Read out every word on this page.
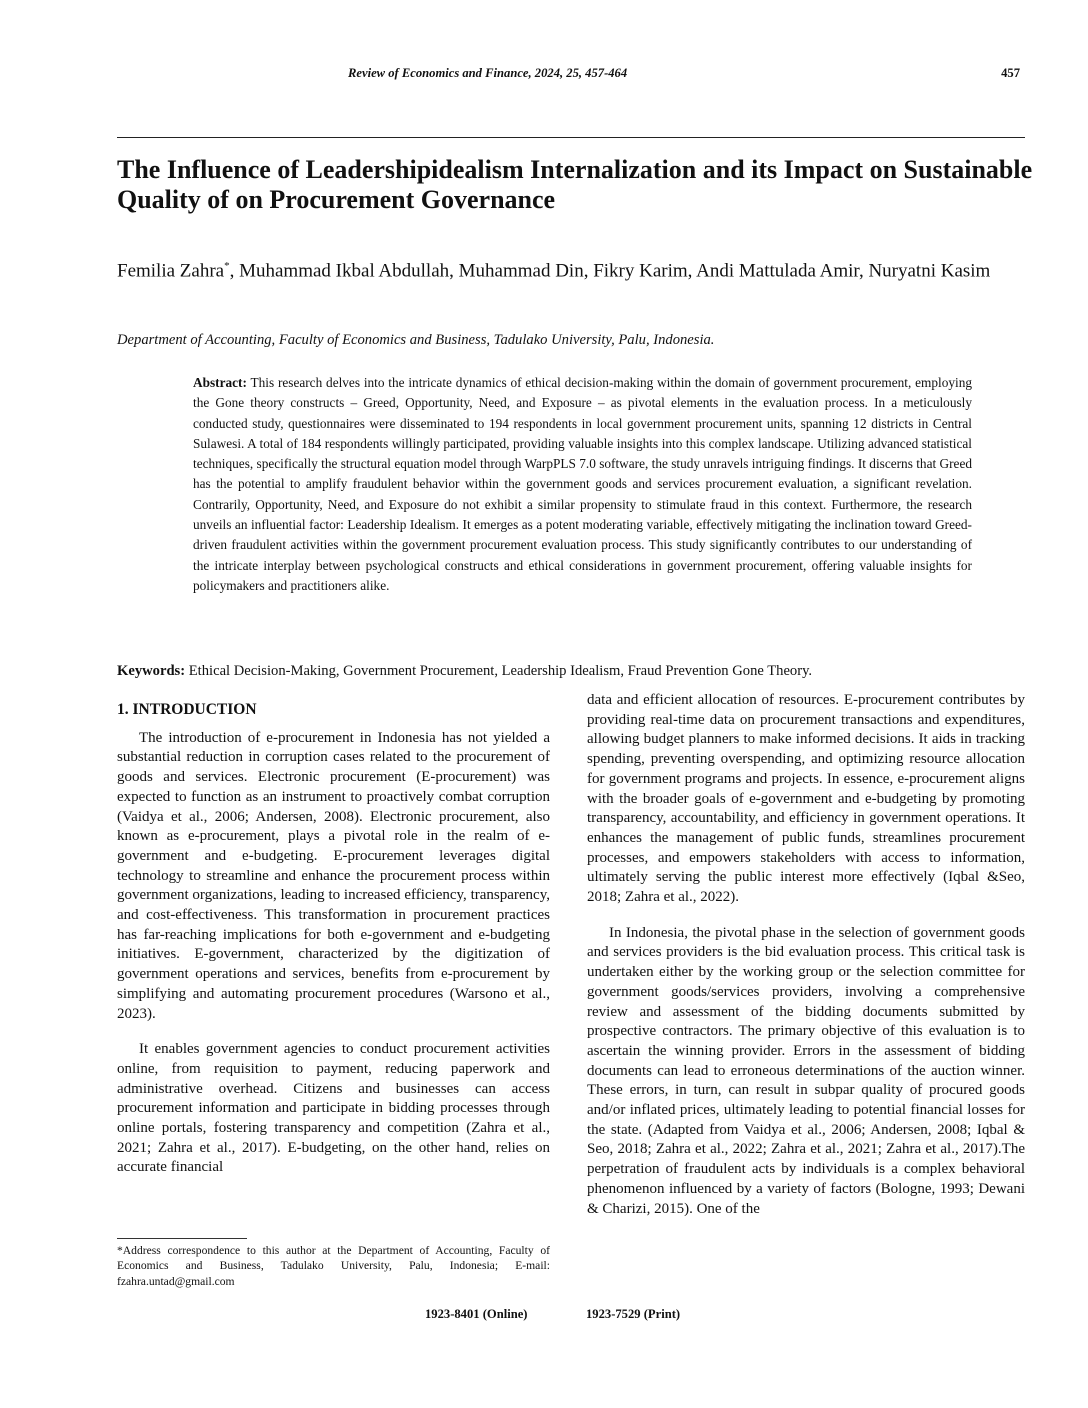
Review of Economics and Finance, 2024, 25, 457-464	457
The Influence of Leadershipidealism Internalization and its Impact on Sustainable Quality of on Procurement Governance
Femilia Zahra*, Muhammad Ikbal Abdullah, Muhammad Din, Fikry Karim, Andi Mattulada Amir, Nuryatni Kasim
Department of Accounting, Faculty of Economics and Business, Tadulako University, Palu, Indonesia.

Abstract: This research delves into the intricate dynamics of ethical decision-making within the domain of government procurement, employing the Gone theory constructs – Greed, Opportunity, Need, and Exposure – as pivotal elements in the evaluation process. In a meticulously conducted study, questionnaires were disseminated to 194 respondents in local government procurement units, spanning 12 districts in Central Sulawesi. A total of 184 respondents willingly participated, providing valuable insights into this complex landscape. Utilizing advanced statistical techniques, specifically the structural equation model through WarpPLS 7.0 software, the study unravels intriguing findings. It discerns that Greed has the potential to amplify fraudulent behavior within the government goods and services procurement evaluation, a significant revelation. Contrarily, Opportunity, Need, and Exposure do not exhibit a similar propensity to stimulate fraud in this context. Furthermore, the research unveils an influential factor: Leadership Idealism. It emerges as a potent moderating variable, effectively mitigating the inclination toward Greed-driven fraudulent activities within the government procurement evaluation process. This study significantly contributes to our understanding of the intricate interplay between psychological constructs and ethical considerations in government procurement, offering valuable insights for policymakers and practitioners alike.

Keywords: Ethical Decision-Making, Government Procurement, Leadership Idealism, Fraud Prevention Gone Theory.

1. INTRODUCTION

The introduction of e-procurement in Indonesia has not yielded a substantial reduction in corruption cases related to the procurement of goods and services. Electronic procurement (E-procurement) was expected to function as an instrument to proactively combat corruption (Vaidya et al., 2006; Andersen, 2008). Electronic procurement, also known as e-procurement, plays a pivotal role in the realm of e-government and e-budgeting. E-procurement leverages digital technology to streamline and enhance the procurement process within government organizations, leading to increased efficiency, transparency, and cost-effectiveness. This transformation in procurement practices has far-reaching implications for both e-government and e-budgeting initiatives. E-government, characterized by the digitization of government operations and services, benefits from e-procurement by simplifying and automating procurement procedures (Warsono et al., 2023).

It enables government agencies to conduct procurement activities online, from requisition to payment, reducing paperwork and administrative overhead. Citizens and businesses can access procurement information and participate in bidding processes through online portals, fostering transparency and competition (Zahra et al., 2021; Zahra et al., 2017). E-budgeting, on the other hand, relies on accurate financial

data and efficient allocation of resources. E-procurement contributes by providing real-time data on procurement transactions and expenditures, allowing budget planners to make informed decisions. It aids in tracking spending, preventing overspending, and optimizing resource allocation for government programs and projects. In essence, e-procurement aligns with the broader goals of e-government and e-budgeting by promoting transparency, accountability, and efficiency in government operations. It enhances the management of public funds, streamlines procurement processes, and empowers stakeholders with access to information, ultimately serving the public interest more effectively (Iqbal &Seo, 2018; Zahra et al., 2022).

In Indonesia, the pivotal phase in the selection of government goods and services providers is the bid evaluation process. This critical task is undertaken either by the working group or the selection committee for government goods/services providers, involving a comprehensive review and assessment of the bidding documents submitted by prospective contractors. The primary objective of this evaluation is to ascertain the winning provider. Errors in the assessment of bidding documents can lead to erroneous determinations of the auction winner. These errors, in turn, can result in subpar quality of procured goods and/or inflated prices, ultimately leading to potential financial losses for the state. (Adapted from Vaidya et al., 2006; Andersen, 2008; Iqbal & Seo, 2018; Zahra et al., 2022; Zahra et al., 2021; Zahra et al., 2017).The perpetration of fraudulent acts by individuals is a complex behavioral phenomenon influenced by a variety of factors (Bologne, 1993; Dewani & Charizi, 2015). One of the

*Address correspondence to this author at the Department of Accounting, Faculty of Economics and Business, Tadulako University, Palu, Indonesia; E-mail: fzahra.untad@gmail.com
1923-8401 (Online)	1923-7529 (Print)
